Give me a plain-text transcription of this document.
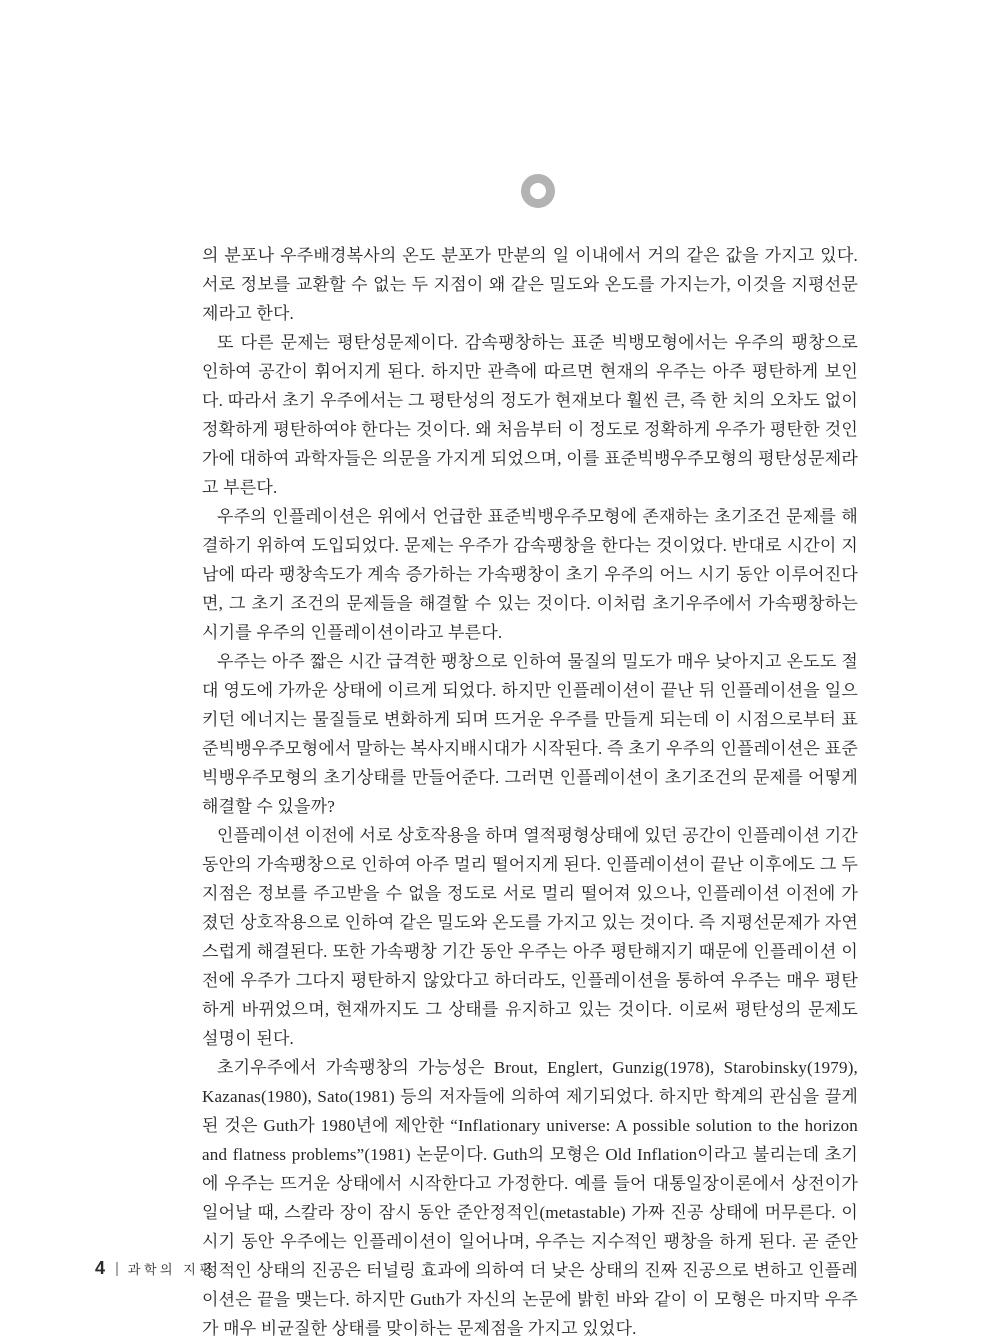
의 분포나 우주배경복사의 온도 분포가 만분의 일 이내에서 거의 같은 값을 가지고 있다. 서로 정보를 교환할 수 없는 두 지점이 왜 같은 밀도와 온도를 가지는가, 이것을 지평선문제라고 한다.

또 다른 문제는 평탄성문제이다. 감속팽창하는 표준 빅뱅모형에서는 우주의 팽창으로 인하여 공간이 휘어지게 된다. 하지만 관측에 따르면 현재의 우주는 아주 평탄하게 보인다. 따라서 초기 우주에서는 그 평탄성의 정도가 현재보다 훨씬 큰, 즉 한 치의 오차도 없이 정확하게 평탄하여야 한다는 것이다. 왜 처음부터 이 정도로 정확하게 우주가 평탄한 것인가에 대하여 과학자들은 의문을 가지게 되었으며, 이를 표준빅뱅우주모형의 평탄성문제라고 부른다.

우주의 인플레이션은 위에서 언급한 표준빅뱅우주모형에 존재하는 초기조건 문제를 해결하기 위하여 도입되었다. 문제는 우주가 감속팽창을 한다는 것이었다. 반대로 시간이 지남에 따라 팽창속도가 계속 증가하는 가속팽창이 초기 우주의 어느 시기 동안 이루어진다면, 그 초기 조건의 문제들을 해결할 수 있는 것이다. 이처럼 초기우주에서 가속팽창하는 시기를 우주의 인플레이션이라고 부른다.

우주는 아주 짧은 시간 급격한 팽창으로 인하여 물질의 밀도가 매우 낮아지고 온도도 절대 영도에 가까운 상태에 이르게 되었다. 하지만 인플레이션이 끝난 뒤 인플레이션을 일으키던 에너지는 물질들로 변화하게 되며 뜨거운 우주를 만들게 되는데 이 시점으로부터 표준빅뱅우주모형에서 말하는 복사지배시대가 시작된다. 즉 초기 우주의 인플레이션은 표준빅뱅우주모형의 초기상태를 만들어준다. 그러면 인플레이션이 초기조건의 문제를 어떻게 해결할 수 있을까?

인플레이션 이전에 서로 상호작용을 하며 열적평형상태에 있던 공간이 인플레이션 기간 동안의 가속팽창으로 인하여 아주 멀리 떨어지게 된다. 인플레이션이 끝난 이후에도 그 두 지점은 정보를 주고받을 수 없을 정도로 서로 멀리 떨어져 있으나, 인플레이션 이전에 가졌던 상호작용으로 인하여 같은 밀도와 온도를 가지고 있는 것이다. 즉 지평선문제가 자연스럽게 해결된다. 또한 가속팽창 기간 동안 우주는 아주 평탄해지기 때문에 인플레이션 이전에 우주가 그다지 평탄하지 않았다고 하더라도, 인플레이션을 통하여 우주는 매우 평탄하게 바뀌었으며, 현재까지도 그 상태를 유지하고 있는 것이다. 이로써 평탄성의 문제도 설명이 된다.

초기우주에서 가속팽창의 가능성은 Brout, Englert, Gunzig(1978), Starobinsky(1979), Kazanas(1980), Sato(1981) 등의 저자들에 의하여 제기되었다. 하지만 학계의 관심을 끌게 된 것은 Guth가 1980년에 제안한 “Inflationary universe: A possible solution to the horizon and flatness problems”(1981) 논문이다. Guth의 모형은 Old Inflation이라고 불리는데 초기에 우주는 뜨거운 상태에서 시작한다고 가정한다. 예를 들어 대통일장이론에서 상전이가 일어날 때, 스칼라 장이 잠시 동안 준안정적인(metastable) 가짜 진공 상태에 머무른다. 이 시기 동안 우주에는 인플레이션이 일어나며, 우주는 지수적인 팽창을 하게 된다. 곧 준안정적인 상태의 진공은 터널링 효과에 의하여 더 낮은 상태의 진짜 진공으로 변하고 인플레이션은 끝을 맺는다. 하지만 Guth가 자신의 논문에 밝힌 바와 같이 이 모형은 마지막 우주가 매우 비균질한 상태를 맞이하는 문제점을 가지고 있었다.

4 | 과학의 지평
